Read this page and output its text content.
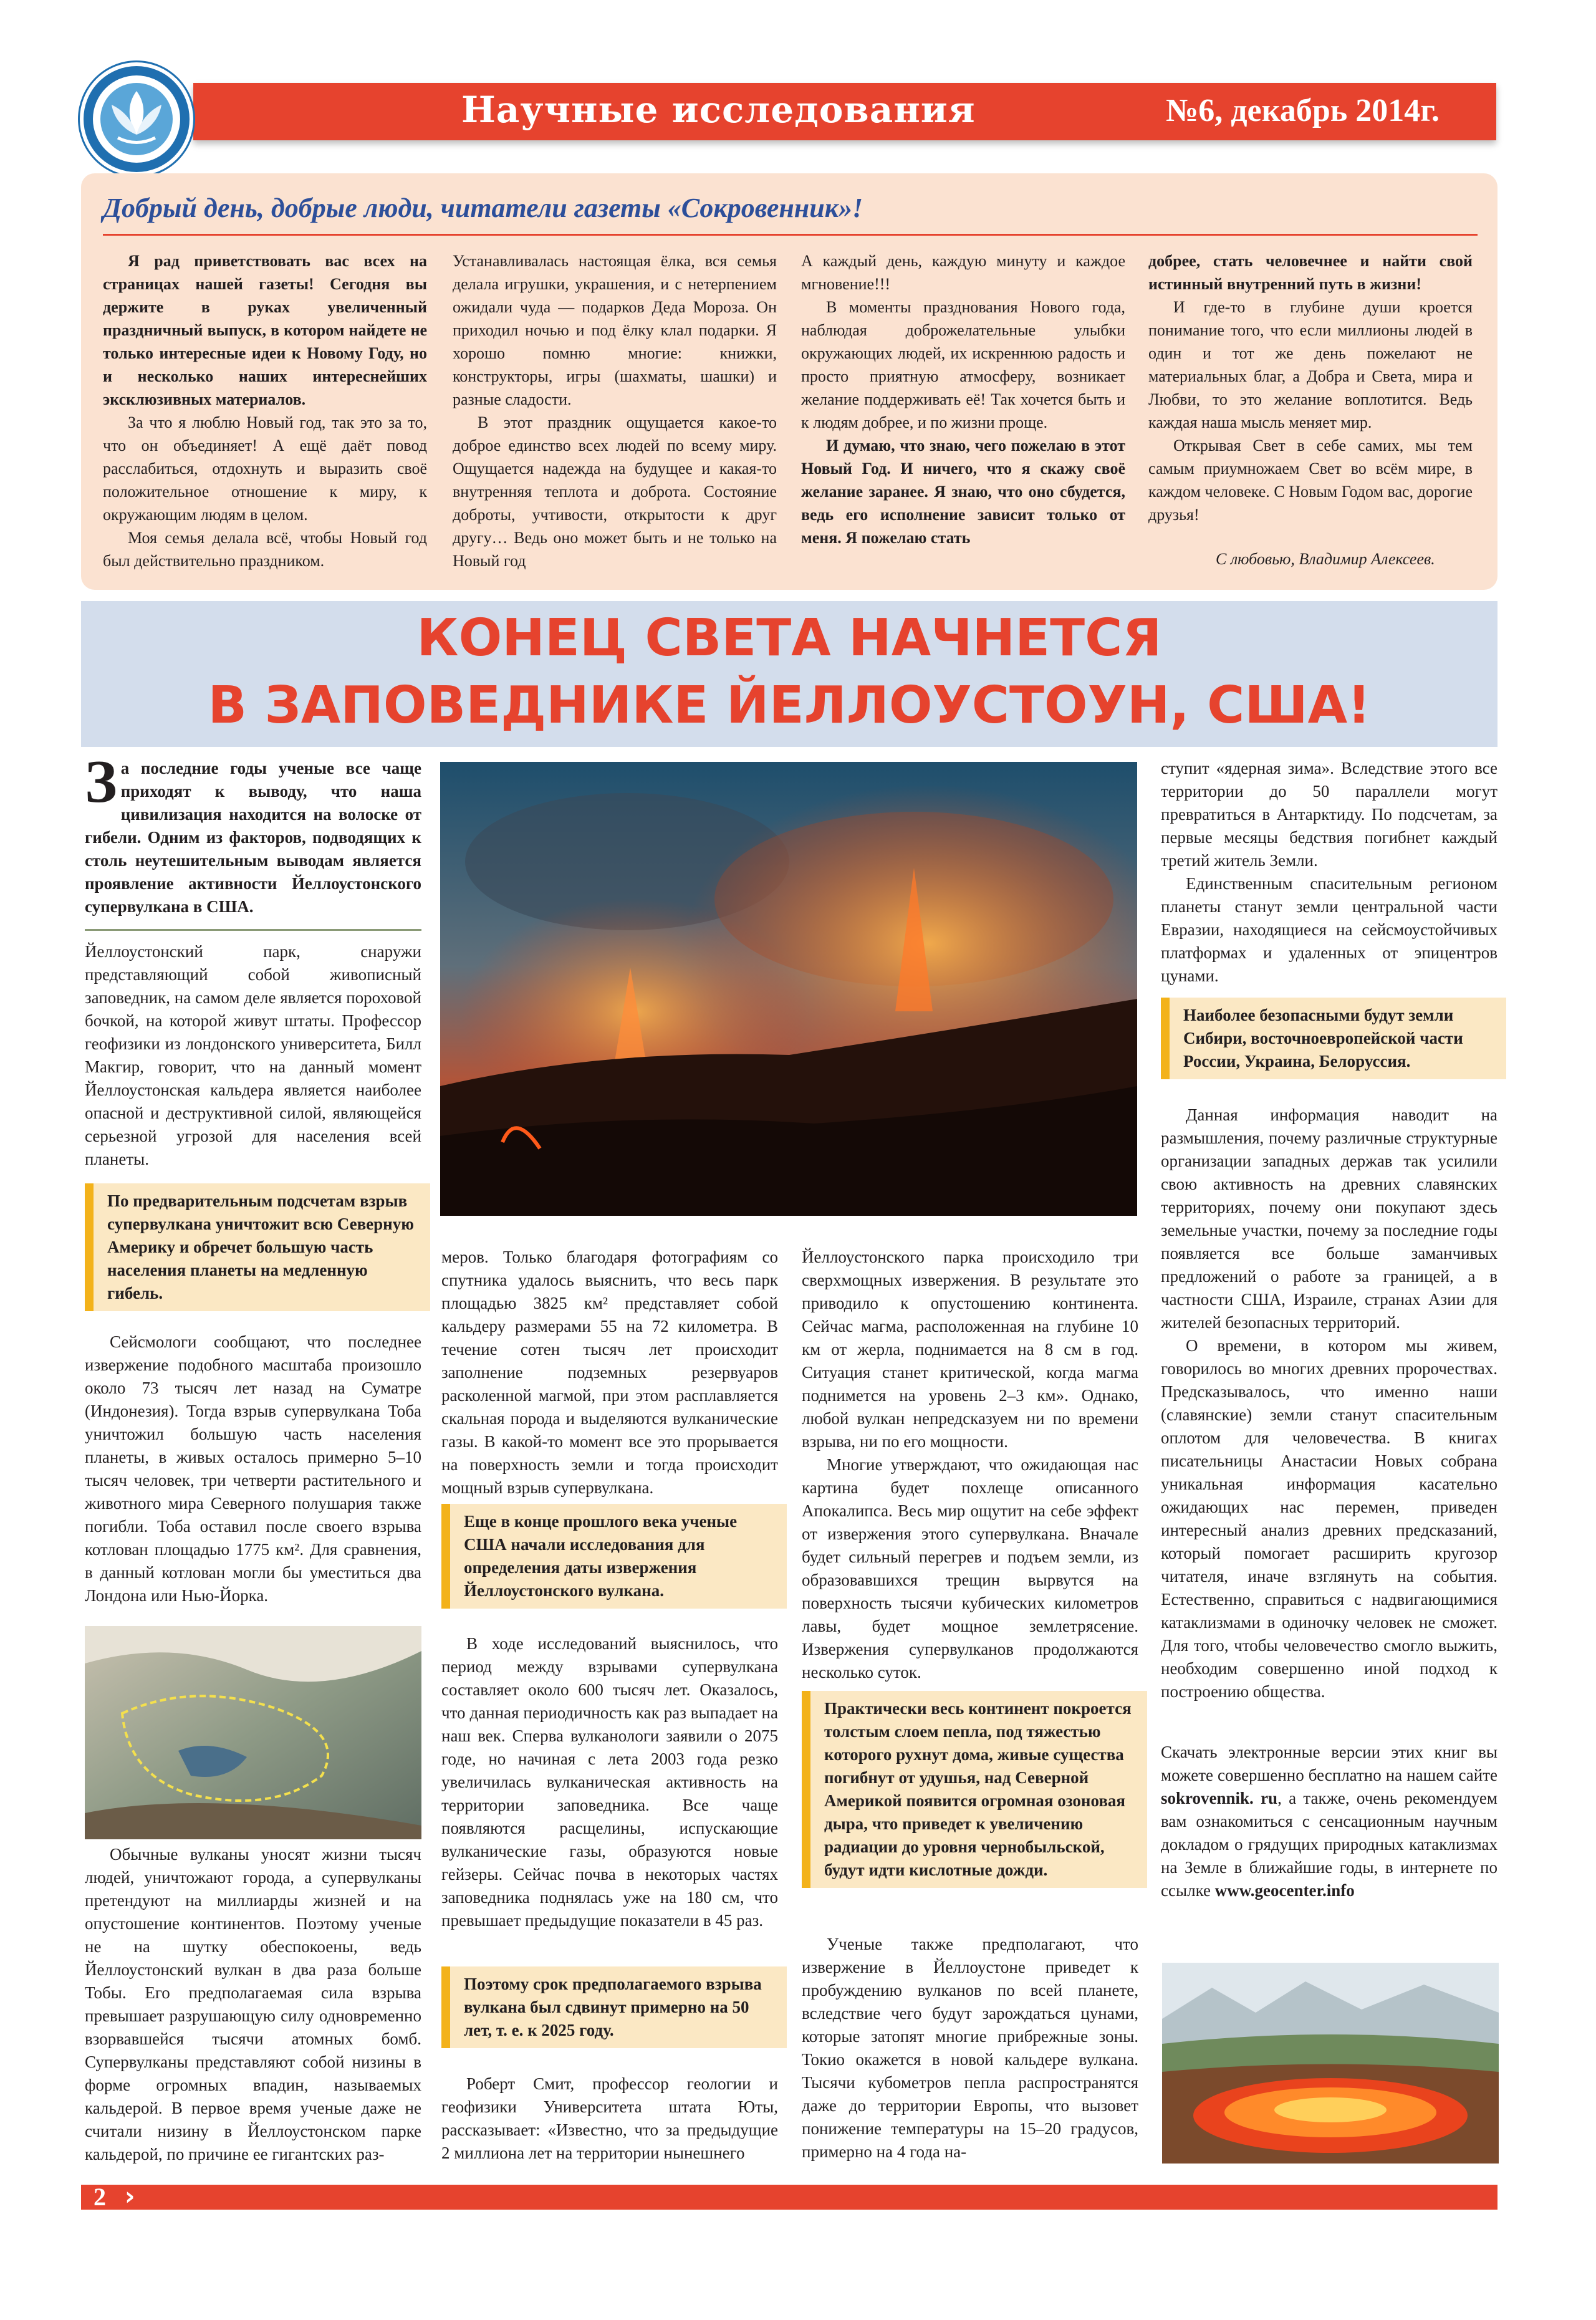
Научные исследования	№6, декабрь 2014г.
Добрый день, добрые люди, читатели газеты «Сокровенник»!

Я рад приветствовать вас всех на страницах нашей газеты! Сегодня вы держите в руках увеличенный праздничный выпуск, в котором найдете не только интересные идеи к Новому Году, но и несколько наших интереснейших эксклюзивных материалов.

За что я люблю Новый год, так это за то, что он объединяет! А ещё даёт повод расслабиться, отдохнуть и выразить своё положительное отношение к миру, к окружающим людям в целом.

Моя семья делала всё, чтобы Новый год был действительно праздником.

Устанавливалась настоящая ёлка, вся семья делала игрушки, украшения, и с нетерпением ожидали чуда — подарков Деда Мороза. Он приходил ночью и под ёлку клал подарки. Я хорошо помню многие: книжки, конструкторы, игры (шахматы, шашки) и разные сладости.

В этот праздник ощущается какое-то доброе единство всех людей по всему миру. Ощущается надежда на будущее и какая-то внутренняя теплота и доброта. Состояние доброты, учтивости, открытости к друг другу… Ведь оно может быть и не только на Новый год

А каждый день, каждую минуту и каждое мгновение!!!

В моменты празднования Нового года, наблюдая доброжелательные улыбки окружающих людей, их искреннюю радость и просто приятную атмосферу, возникает желание поддерживать её! Так хочется быть и к людям добрее, и по жизни проще.

И думаю, что знаю, чего пожелаю в этот Новый Год. И ничего, что я скажу своё желание заранее. Я знаю, что оно сбудется, ведь его исполнение зависит только от меня. Я пожелаю стать

добрее, стать человечнее и найти свой истинный внутренний путь в жизни!

И где-то в глубине души кроется понимание того, что если миллионы людей в один и тот же день пожелают не материальных благ, а Добра и Света, мира и Любви, то это желание воплотится. Ведь каждая наша мысль меняет мир.

Открывая Свет в себе самих, мы тем самым приумножаем Свет во всём мире, в каждом человеке. С Новым Годом вас, дорогие друзья!

С любовью, Владимир Алексеев.
КОНЕЦ СВЕТА НАЧНЕТСЯ
В ЗАПОВЕДНИКЕ ЙЕЛЛОУСТОУН, США!

За последние годы ученые все чаще приходят к выводу, что наша цивилизация находится на волоске от гибели. Одним из факторов, подводящих к столь неутешительным выводам является проявление активности Йеллоустонского супервулкана в США.

Йеллоустонский парк, снаружи представляющий собой живописный заповедник, на самом деле является пороховой бочкой, на которой живут штаты. Профессор геофизики из лондонского университета, Билл Макгир, говорит, что на данный момент Йеллоустонская кальдера является наиболее опасной и деструктивной силой, являющейся серьезной угрозой для населения всей планеты.

По предварительным подсчетам взрыв супервулкана уничтожит всю Северную Америку и обречет большую часть населения планеты на медленную гибель.

Сейсмологи сообщают, что последнее извержение подобного масштаба произошло около 73 тысяч лет назад на Суматре (Индонезия). Тогда взрыв супервулкана Тоба уничтожил большую часть населения планеты, в живых осталось примерно 5–10 тысяч человек, три четверти растительного и животного мира Северного полушария также погибли. Тоба оставил после своего взрыва котлован площадью 1775 км². Для сравнения, в данный котлован могли бы уместиться два Лондона или Нью-Йорка.

Обычные вулканы уносят жизни тысяч людей, уничтожают города, а супервулканы претендуют на миллиарды жизней и на опустошение континентов. Поэтому ученые не на шутку обеспокоены, ведь Йеллоустонский вулкан в два раза больше Тобы. Его предполагаемая сила взрыва превышает разрушающую силу одновременно взорвавшейся тысячи атомных бомб. Супервулканы представляют собой низины в форме огромных впадин, называемых кальдерой. В первое время ученые даже не считали низину в Йеллоустонском парке кальдерой, по причине ее гигантских раз-

меров. Только благодаря фотографиям со спутника удалось выяснить, что весь парк площадью 3825 км² представляет собой кальдеру размерами 55 на 72 километра. В течение сотен тысяч лет происходит заполнение подземных резервуаров расколенной магмой, при этом расплавляется скальная порода и выделяются вулканические газы. В какой-то момент все это прорывается на поверхность земли и тогда происходит мощный взрыв супервулкана.

Еще в конце прошлого века ученые США начали исследования для определения даты извержения Йеллоустонского вулкана.

В ходе исследований выяснилось, что период между взрывами супервулкана составляет около 600 тысяч лет. Оказалось, что данная периодичность как раз выпадает на наш век. Сперва вулканологи заявили о 2075 годе, но начиная с лета 2003 года резко увеличилась вулканическая активность на территории заповедника. Все чаще появляются расщелины, испускающие вулканические газы, образуются новые гейзеры. Сейчас почва в некоторых частях заповедника поднялась уже на 180 см, что превышает предыдущие показатели в 45 раз.

Поэтому срок предполагаемого взрыва вулкана был сдвинут примерно на 50 лет, т. е. к 2025 году.

Роберт Смит, профессор геологии и геофизики Университета штата Юты, рассказывает: «Известно, что за предыдущие 2 миллиона лет на территории нынешнего

Йеллоустонского парка происходило три сверхмощных извержения. В результате это приводило к опустошению континента. Сейчас магма, расположенная на глубине 10 км от жерла, поднимается на 8 см в год. Ситуация станет критической, когда магма поднимется на уровень 2–3 км». Однако, любой вулкан непредсказуем ни по времени взрыва, ни по его мощности.

Многие утверждают, что ожидающая нас картина будет похлеще описанного Апокалипса. Весь мир ощутит на себе эффект от извержения этого супервулкана. Вначале будет сильный перегрев и подъем земли, из образовавшихся трещин вырвутся на поверхность тысячи кубических километров лавы, будет мощное землетрясение. Извержения супервулканов продолжаются несколько суток.

Практически весь континент покроется толстым слоем пепла, под тяжестью которого рухнут дома, живые существа погибнут от удушья, над Северной Америкой появится огромная озоновая дыра, что приведет к увеличению радиации до уровня чернобыльской, будут идти кислотные дожди.

Ученые также предполагают, что извержение в Йеллоустоне приведет к пробуждению вулканов по всей планете, вследствие чего будут зарождаться цунами, которые затопят многие прибрежные зоны. Токио окажется в новой кальдере вулкана. Тысячи кубометров пепла распространятся даже до территории Европы, что вызовет понижение температуры на 15–20 градусов, примерно на 4 года на-

ступит «ядерная зима». Вследствие этого все территории до 50 параллели могут превратиться в Антарктиду. По подсчетам, за первые месяцы бедствия погибнет каждый третий житель Земли.

Единственным спасительным регионом планеты станут земли центральной части Евразии, находящиеся на сейсмоустойчивых платформах и удаленных от эпицентров цунами.

Наиболее безопасными будут земли Сибири, восточноевропейской части России, Украина, Белоруссия.

Данная информация наводит на размышления, почему различные структурные организации западных держав так усилили свою активность на древних славянских территориях, почему они покупают здесь земельные участки, почему за последние годы появляется все больше заманчивых предложений о работе за границей, а в частности США, Израиле, странах Азии для жителей безопасных территорий.

О времени, в котором мы живем, говорилось во многих древних пророчествах. Предсказывалось, что именно наши (славянские) земли станут спасительным оплотом для человечества. В книгах писательницы Анастасии Новых собрана уникальная информация касательно ожидающих нас перемен, приведен интересный анализ древних предсказаний, который помогает расширить кругозор читателя, иначе взглянуть на события. Естественно, справиться с надвигающимися катаклизмами в одиночку человек не сможет. Для того, чтобы человечество смогло выжить, необходим совершенно иной подход к построению общества.

Скачать электронные версии этих книг вы можете совершенно бесплатно на нашем сайте sokrovennik. ru, а также, очень рекомендуем вам ознакомиться с сенсационным научным докладом о грядущих природных катаклизмах на Земле в ближайшие годы, в интернете по ссылке www.geocenter.info

2 ›
